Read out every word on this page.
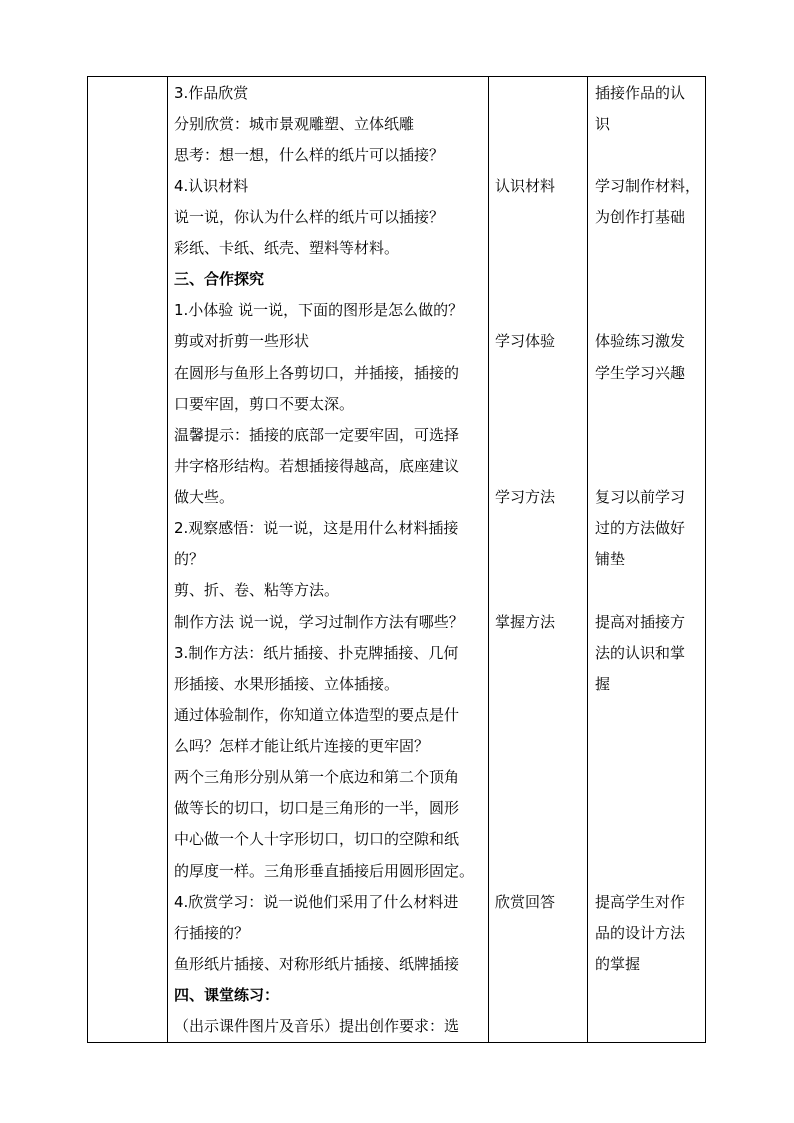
3.作品欣赏
分别欣赏：城市景观雕塑、立体纸雕
思考：想一想，什么样的纸片可以插接？
4.认识材料
说一说，你认为什么样的纸片可以插接？
彩纸、卡纸、纸壳、塑料等材料。
三、合作探究
1.小体验 说一说，下面的图形是怎么做的？
剪或对折剪一些形状
在圆形与鱼形上各剪切口，并插接，插接的
口要牢固，剪口不要太深。
温馨提示：插接的底部一定要牢固，可选择
井字格形结构。若想插接得越高，底座建议
做大些。
2.观察感悟：说一说，这是用什么材料插接
的？
剪、折、卷、粘等方法。
制作方法 说一说，学习过制作方法有哪些？
3.制作方法：纸片插接、扑克牌插接、几何
形插接、水果形插接、立体插接。
通过体验制作，你知道立体造型的要点是什
么吗？怎样才能让纸片连接的更牢固？
两个三角形分别从第一个底边和第二个顶角
做等长的切口，切口是三角形的一半，圆形
中心做一个人十字形切口，切口的空隙和纸
的厚度一样。三角形垂直插接后用圆形固定。
4.欣赏学习：说一说他们采用了什么材料进
行插接的？
鱼形纸片插接、对称形纸片插接、纸牌插接
四、课堂练习：
（出示课件图片及音乐）提出创作要求：选
认识材料
学习体验
学习方法
掌握方法
欣赏回答
插接作品的认
识
学习制作材料，
为创作打基础
体验练习激发
学生学习兴趣
复习以前学习
过的方法做好
铺垫
提高对插接方
法的认识和掌
握
提高学生对作
品的设计方法
的掌握
